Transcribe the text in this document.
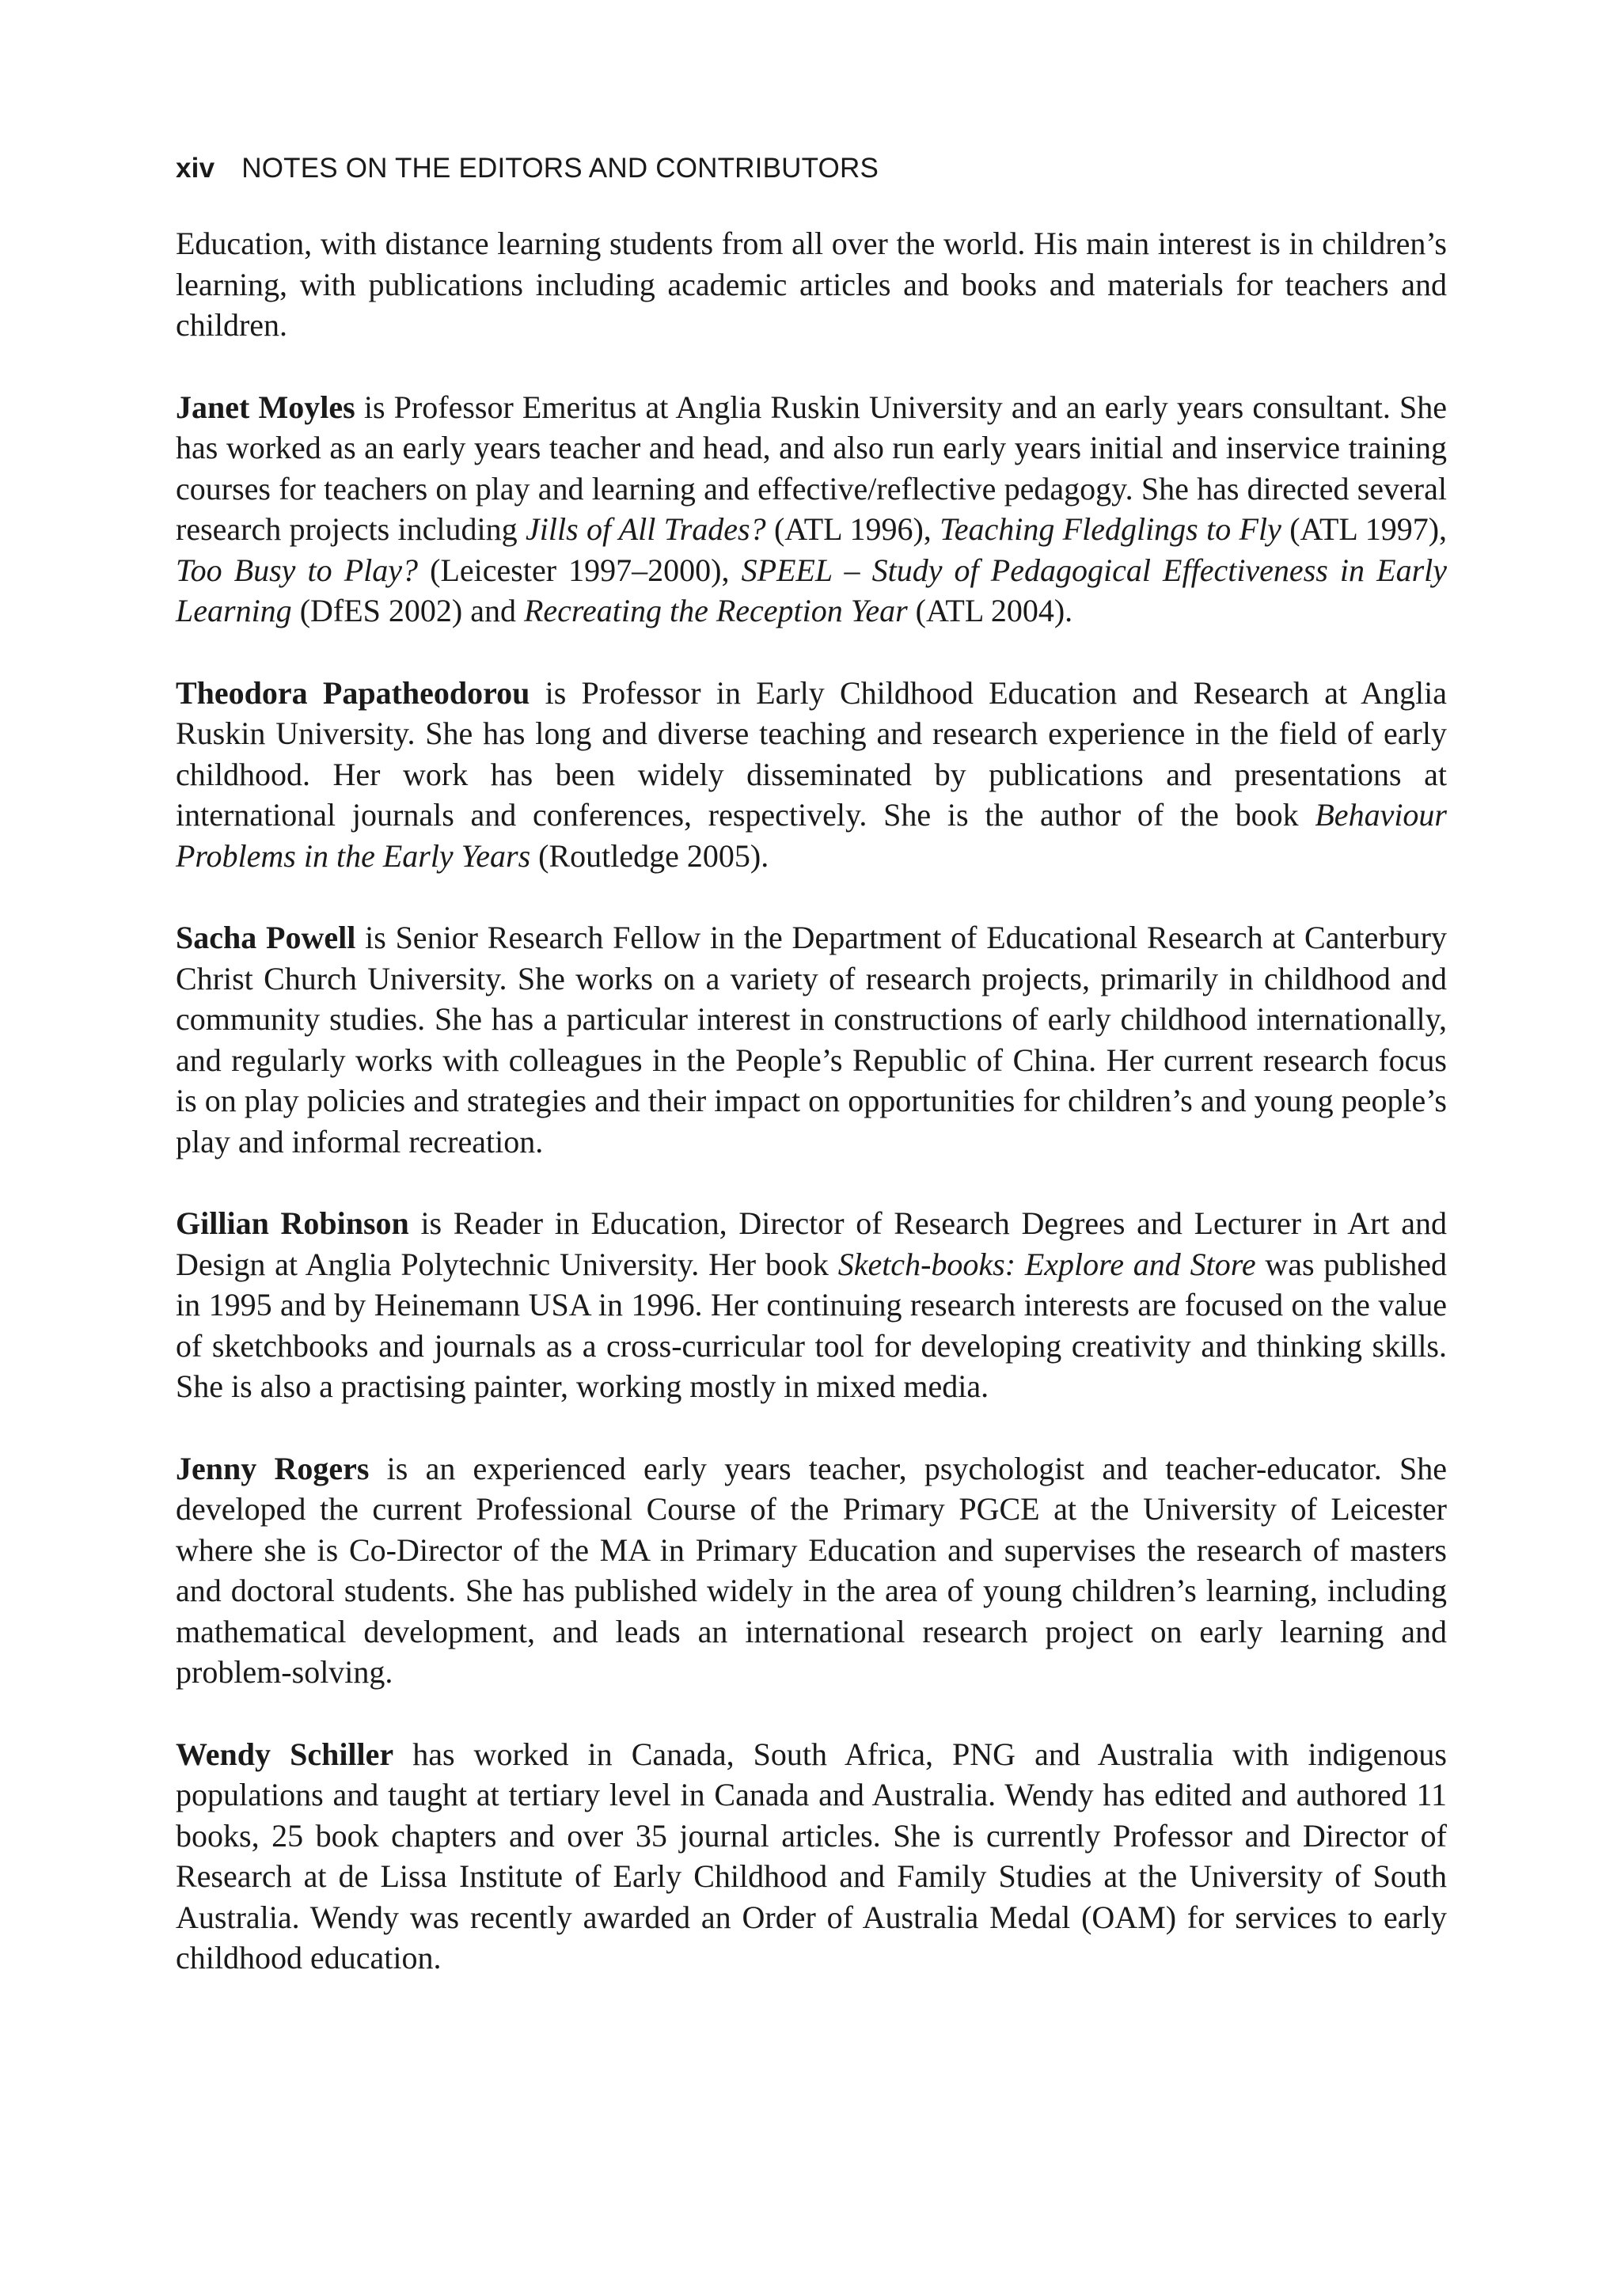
xiv NOTES ON THE EDITORS AND CONTRIBUTORS

Education, with distance learning students from all over the world. His main interest is in children’s learning, with publications including academic articles and books and materials for teachers and children.

Janet Moyles is Professor Emeritus at Anglia Ruskin University and an early years consultant. She has worked as an early years teacher and head, and also run early years initial and inservice training courses for teachers on play and learning and effective/reflective pedagogy. She has directed several research projects including Jills of All Trades? (ATL 1996), Teaching Fledglings to Fly (ATL 1997), Too Busy to Play? (Leicester 1997–2000), SPEEL – Study of Pedagogical Effectiveness in Early Learning (DfES 2002) and Recreating the Reception Year (ATL 2004).

Theodora Papatheodorou is Professor in Early Childhood Education and Research at Anglia Ruskin University. She has long and diverse teaching and research experience in the field of early childhood. Her work has been widely disseminated by publications and presentations at international journals and conferences, respectively. She is the author of the book Behaviour Problems in the Early Years (Routledge 2005).

Sacha Powell is Senior Research Fellow in the Department of Educational Research at Canterbury Christ Church University. She works on a variety of research projects, primarily in childhood and community studies. She has a particular interest in constructions of early childhood internationally, and regularly works with colleagues in the People’s Republic of China. Her current research focus is on play policies and strategies and their impact on opportunities for children’s and young people’s play and informal recreation.

Gillian Robinson is Reader in Education, Director of Research Degrees and Lecturer in Art and Design at Anglia Polytechnic University. Her book Sketch-books: Explore and Store was published in 1995 and by Heinemann USA in 1996. Her continuing research interests are focused on the value of sketchbooks and journals as a cross-curricular tool for developing creativity and thinking skills. She is also a practising painter, working mostly in mixed media.

Jenny Rogers is an experienced early years teacher, psychologist and teacher-educator. She developed the current Professional Course of the Primary PGCE at the University of Leicester where she is Co-Director of the MA in Primary Education and supervises the research of masters and doctoral students. She has published widely in the area of young children’s learning, including mathematical development, and leads an international research project on early learning and problem-solving.

Wendy Schiller has worked in Canada, South Africa, PNG and Australia with indigenous populations and taught at tertiary level in Canada and Australia. Wendy has edited and authored 11 books, 25 book chapters and over 35 journal articles. She is currently Professor and Director of Research at de Lissa Institute of Early Childhood and Family Studies at the University of South Australia. Wendy was recently awarded an Order of Australia Medal (OAM) for services to early childhood education.
